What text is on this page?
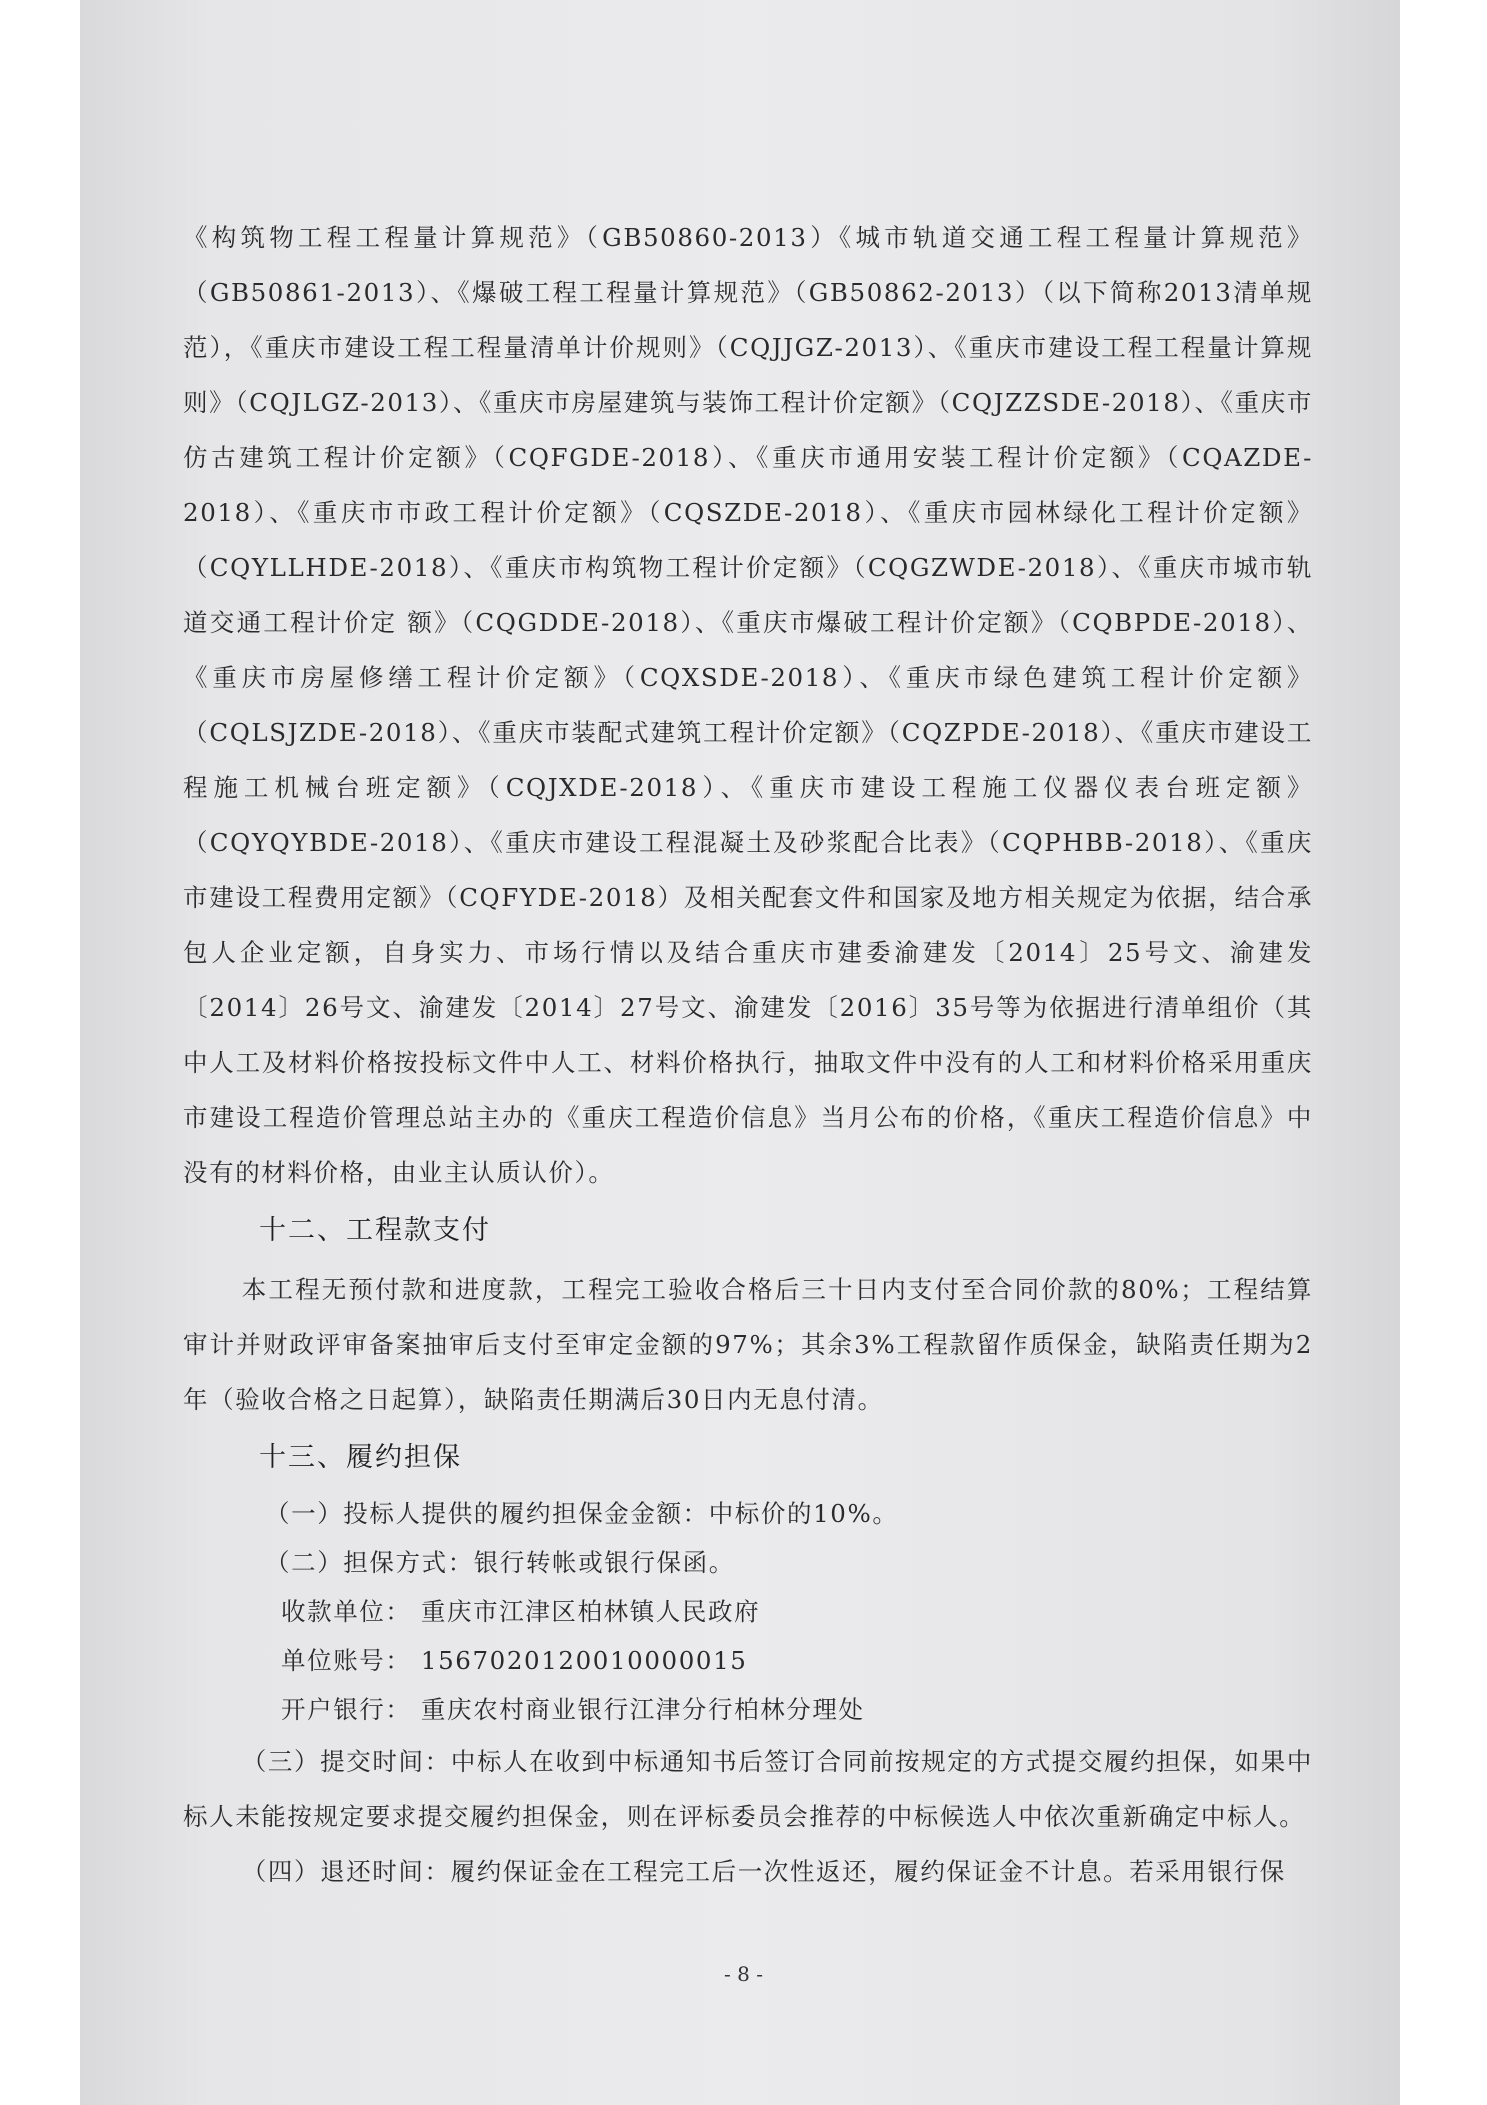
《构筑物工程工程量计算规范》（GB50860-2013）《城市轨道交通工程工程量计算规范》（GB50861-2013）、《爆破工程工程量计算规范》（GB50862-2013）（以下简称2013清单规范），《重庆市建设工程工程量清单计价规则》（CQJJGZ-2013）、《重庆市建设工程工程量计算规则》（CQJLGZ-2013）、《重庆市房屋建筑与装饰工程计价定额》（CQJZZSDE-2018）、《重庆市仿古建筑工程计价定额》（CQFGDE-2018）、《重庆市通用安装工程计价定额》（CQAZDE-2018）、《重庆市市政工程计价定额》（CQSZDE-2018）、《重庆市园林绿化工程计价定额》（CQYLLHDE-2018）、《重庆市构筑物工程计价定额》（CQGZWDE-2018）、《重庆市城市轨道交通工程计价定 额》（CQGDDE-2018）、《重庆市爆破工程计价定额》（CQBPDE-2018）、《重庆市房屋修缮工程计价定额》（CQXSDE-2018）、《重庆市绿色建筑工程计价定额》（CQLSJZDE-2018）、《重庆市装配式建筑工程计价定额》（CQZPDE-2018）、《重庆市建设工程施工机械台班定额》（CQJXDE-2018）、《重庆市建设工程施工仪器仪表台班定额》（CQYQYBDE-2018）、《重庆市建设工程混凝土及砂浆配合比表》（CQPHBB-2018）、《重庆市建设工程费用定额》（CQFYDE-2018）及相关配套文件和国家及地方相关规定为依据，结合承包人企业定额，自身实力、市场行情以及结合重庆市建委渝建发〔2014〕25号文、渝建发〔2014〕26号文、渝建发〔2014〕27号文、渝建发〔2016〕35号等为依据进行清单组价（其中人工及材料价格按投标文件中人工、材料价格执行，抽取文件中没有的人工和材料价格采用重庆市建设工程造价管理总站主办的《重庆工程造价信息》当月公布的价格，《重庆工程造价信息》中没有的材料价格，由业主认质认价）。

十二、工程款支付

本工程无预付款和进度款，工程完工验收合格后三十日内支付至合同价款的80%；工程结算审计并财政评审备案抽审后支付至审定金额的97%；其余3%工程款留作质保金，缺陷责任期为2年（验收合格之日起算），缺陷责任期满后30日内无息付清。

十三、履约担保

（一）投标人提供的履约担保金金额：中标价的10%。

（二）担保方式：银行转帐或银行保函。

收款单位： 重庆市江津区柏林镇人民政府

单位账号： 1567020120010000015

开户银行： 重庆农村商业银行江津分行柏林分理处

（三）提交时间：中标人在收到中标通知书后签订合同前按规定的方式提交履约担保，如果中标人未能按规定要求提交履约担保金，则在评标委员会推荐的中标候选人中依次重新确定中标人。

（四）退还时间：履约保证金在工程完工后一次性返还，履约保证金不计息。若采用银行保

- 8 -
